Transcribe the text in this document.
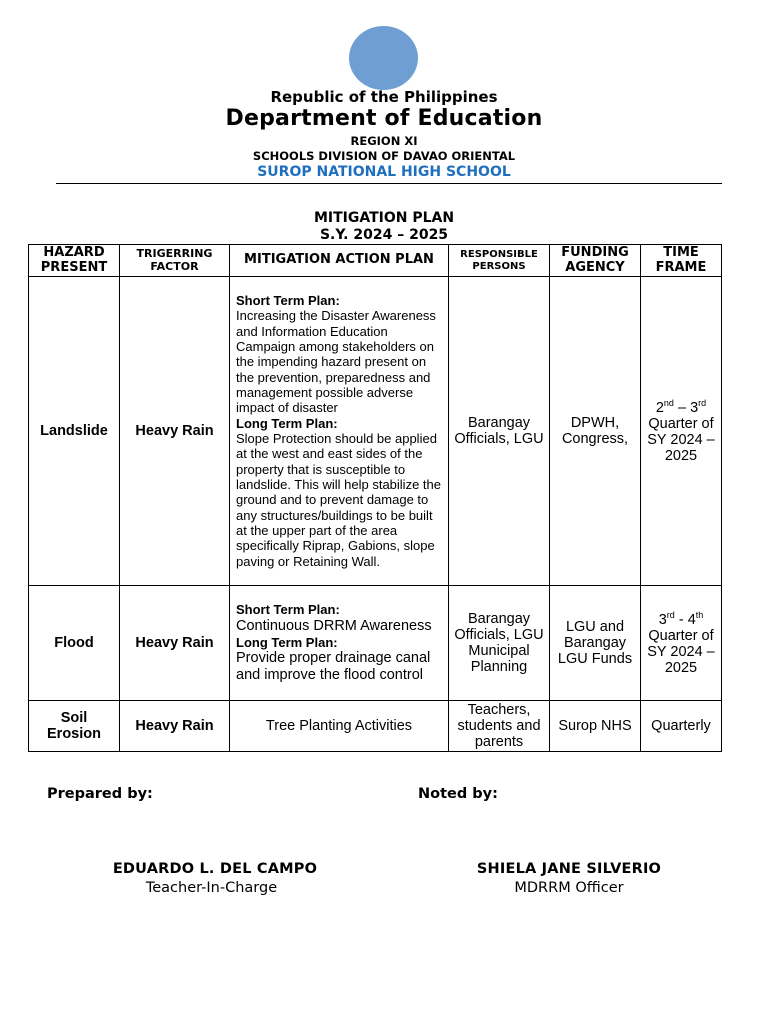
Republic of the Philippines
Department of Education
REGION XI
SCHOOLS DIVISION OF DAVAO ORIENTAL
SUROP NATIONAL HIGH SCHOOL
MITIGATION PLAN
S.Y. 2024 – 2025
HAZARD PRESENT	TRIGERRING FACTOR	MITIGATION ACTION PLAN	RESPONSIBLE PERSONS	FUNDING AGENCY	TIME FRAME
Landslide	Heavy Rain	Short Term Plan:
Increasing the Disaster Awareness and Information Education Campaign among stakeholders on the impending hazard present on the prevention, preparedness and management possible adverse impact of disaster
Long Term Plan:
Slope Protection should be applied at the west and east sides of the property that is susceptible to landslide. This will help stabilize the ground and to prevent damage to any structures/buildings to be built at the upper part of the area specifically Riprap, Gabions, slope paving or Retaining Wall.	Barangay Officials, LGU	DPWH, Congress,	2nd – 3rd
Quarter of SY 2024 – 2025
Flood	Heavy Rain	Short Term Plan:
Continuous DRRM Awareness
Long Term Plan:
Provide proper drainage canal and improve the flood control	Barangay Officials, LGU Municipal Planning	LGU and Barangay LGU Funds	3rd - 4th
Quarter of SY 2024 – 2025
Soil Erosion	Heavy Rain	Tree Planting Activities	Teachers, students and parents	Surop NHS	Quarterly
Prepared by:	Noted by:
EDUARDO L. DEL CAMPO
Teacher-In-Charge
SHIELA JANE SILVERIO
MDRRM Officer
